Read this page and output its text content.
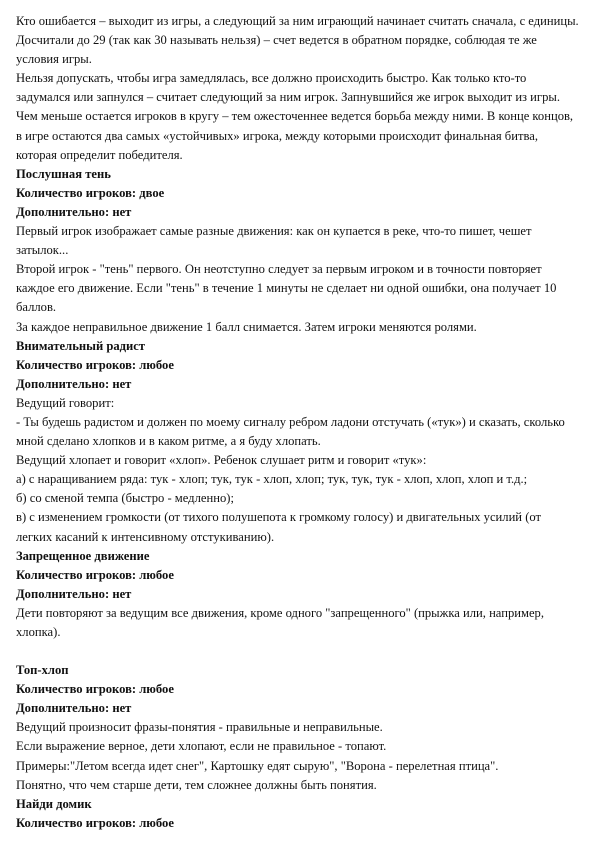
Кто ошибается – выходит из игры, а следующий за ним играющий начинает считать сначала, с единицы. Досчитали до 29 (так как 30 называть нельзя) – счет ведется в обратном порядке, соблюдая те же условия игры.

Нельзя допускать, чтобы игра замедлялась, все должно происходить быстро. Как только кто-то задумался или запнулся – считает следующий за ним игрок. Запнувшийся же игрок выходит из игры.

Чем меньше остается игроков в кругу – тем ожесточеннее ведется борьба между ними. В конце концов, в игре остаются два самых «устойчивых» игрока, между которыми происходит финальная битва, которая определит победителя.

Послушная тень

Количество игроков: двое

Дополнительно: нет

Первый игрок изображает самые разные движения: как он купается в реке, что-то пишет, чешет затылок...

Второй игрок - "тень" первого. Он неотступно следует за первым игроком и в точности повторяет каждое его движение. Если "тень" в течение 1 минуты не сделает ни одной ошибки, она получает 10 баллов.

За каждое неправильное движение 1 балл снимается. Затем игроки меняются ролями.

Внимательный радист

Количество игроков: любое

Дополнительно: нет

Ведущий говорит:

- Ты будешь радистом и должен по моему сигналу ребром ладони отстучать («тук») и сказать, сколько мной сделано хлопков и в каком ритме, а я буду хлопать.

Ведущий хлопает и говорит «хлоп». Ребенок слушает ритм и говорит «тук»:

а) с наращиванием ряда: тук - хлоп; тук, тук - хлоп, хлоп; тук, тук, тук - хлоп, хлоп, хлоп и т.д.;

б) со сменой темпа (быстро - медленно);

в) с изменением громкости (от тихого полушепота к громкому голосу) и двигательных усилий (от легких касаний к интенсивному отстукиванию).

Запрещенное движение

Количество игроков: любое

Дополнительно: нет

Дети повторяют за ведущим все движения, кроме одного "запрещенного" (прыжка или, например, хлопка).

Топ-хлоп

Количество игроков: любое

Дополнительно: нет

Ведущий произносит фразы-понятия - правильные и неправильные.

Если выражение верное, дети хлопают, если не правильное - топают.

Примеры:"Летом всегда идет снег", Картошку едят сырую", "Ворона - перелетная птица".

Понятно, что чем старше дети, тем сложнее должны быть понятия.

Найди домик

Количество игроков: любое
